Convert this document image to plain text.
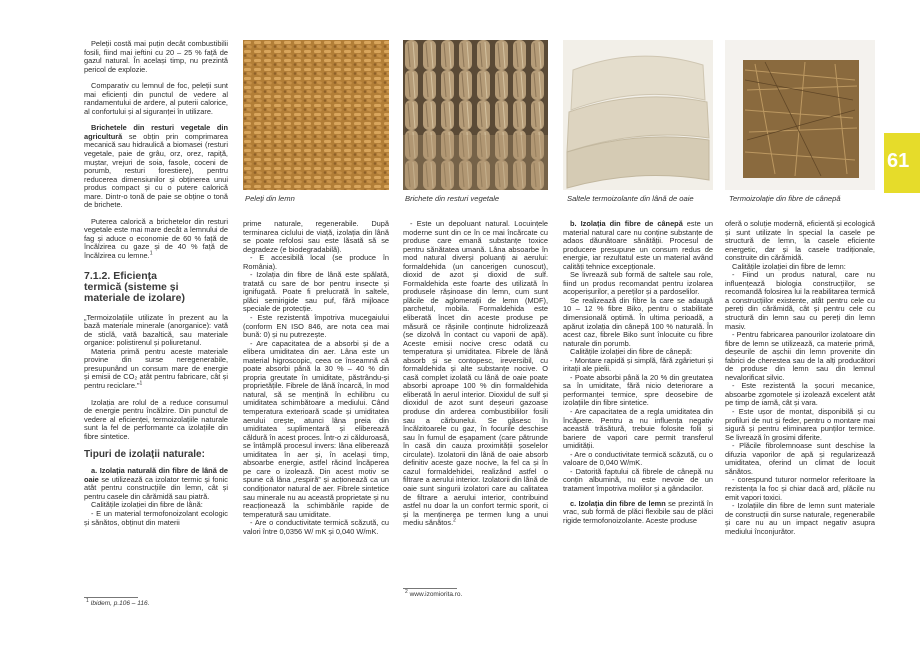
Peleți din lemn	Brichete din resturi vegetale	Saltele termoizolante din lână de oaie	Termoizolație din fibre de cânepă
61

Peleții costă mai puțin decât combustibilii fosili, fiind mai ieftini cu 20 – 25 % față de gazul natural. În același timp, nu prezintă pericol de explozie.

Comparativ cu lemnul de foc, peleții sunt mai eficienți din punctul de vedere al randamentului de ardere, al puterii calorice, al confortului și al siguranței în utilizare.

Brichetele din resturi vegetale din agricultură se obțin prin comprimarea mecanică sau hidraulică a biomasei (resturi vegetale, paie de grâu, orz, orez, rapiță, muștar, vrejuri de soia, fasole, coceni de porumb, resturi forestiere), pentru reducerea dimensiunilor și obținerea unui produs compact și cu o putere calorică mare. Dintr-o tonă de paie se obține o tonă de brichete.

Puterea calorică a brichetelor din resturi vegetale este mai mare decât a lemnului de fag și aduce o economie de 60 % față de încălzirea cu gaze și de 40 % față de încălzirea cu lemne.$^1$

7.1.2. Eficiența
termică (sisteme și
materiale de izolare)

„Termoizolațiile utilizate în prezent au la bază materiale minerale (anorganice): vată de sticlă, vată bazaltică, sau materiale organice: polistirenul și poliuretanul.

Materia primă pentru aceste materiale provine din surse neregenerabile, presupunând un consum mare de energie și emisii de CO₂ atât pentru fabricare, cât și pentru reciclare.”$^1$

Izolația are rolul de a reduce consumul de energie pentru încălzire. Din punctul de vedere al eficienței, termoizolațiile naturale sunt la fel de performante ca izolațiile din fibre sintetice.

Tipuri de izolații naturale:

a. Izolația naturală din fibre de lână de oaie se utilizează ca izolator termic și fonic atât pentru construcțiile din lemn, cât și pentru casele din cărămidă sau piatră.

Calitățile izolației din fibre de lână:

- E un material termofonoizolant ecologic și sănătos, obținut din materii

$^1$ Ibidem, p.106 – 116.

prime naturale, regenerabile. După terminarea ciclului de viață, izolația din lână se poate refolosi sau este lăsată să se degradeze (e biodegradabilă).

- E accesibilă local (se produce în România).

- Izolația din fibre de lână este spălată, tratată cu sare de bor pentru insecte și ignifugată. Poate fi prelucrată în saltele, plăci semirigide sau puf, fără mijloace speciale de protecție.

- Este rezistentă împotriva mucegaiului (conform EN ISO 846, are nota cea mai bună: 0) și nu putrezește.

- Are capacitatea de a absorbi și de a elibera umiditatea din aer. Lâna este un material higroscopic, ceea ce înseamnă că poate absorbi până la 30 % – 40 % din propria greutate în umiditate, păstrându-și proprietățile. Fibrele de lână încarcă, în mod natural, să se mențină în echilibru cu umiditatea schimbătoare a mediului. Când temperatura exterioară scade și umiditatea aerului crește, atunci lâna preia din umiditatea suplimentară și eliberează căldură în acest proces. Într-o zi călduroasă, se întâmplă procesul invers: lâna eliberează umiditatea în aer și, în același timp, absoarbe energie, astfel răcind încăperea pe care o izolează. Din acest motiv se spune că lâna „respiră” și acționează ca un condiționator natural de aer. Fibrele sintetice sau minerale nu au această proprietate și nu reacționează la schimbările rapide de temperatură sau umiditate.

- Are o conductivitate termică scăzută, cu valori între 0,0356 W/ mK și 0,040 W/mK.

- Este un depoluant natural. Locuințele moderne sunt din ce în ce mai încărcate cu produse care emană substanțe toxice pentru sănătatea umană. Lâna absoarbe în mod natural diverși poluanți ai aerului: formaldehida (un cancerigen cunoscut), dioxid de azot și dioxid de sulf. Formaldehida este foarte des utilizată în produsele rășinoase din lemn, cum sunt plăcile de aglomerații de lemn (MDF), parchetul, mobila. Formaldehida este eliberată încet din aceste produse pe măsură ce rășinile conținute hidrolizează (se dizolvă în contact cu vaporii de apă). Aceste emisii nocive cresc odată cu temperatura și umiditatea. Fibrele de lână absorb și se contopesc, ireversibil, cu formaldehida și alte substanțe nocive. O casă complet izolată cu lână de oaie poate absorbi aproape 100 % din formaldehida eliberată în aerul interior. Dioxidul de sulf și dioxidul de azot sunt deșeuri gazoase produse din arderea combustibililor fosili sau a cărbunelui. Se găsesc în încălzitoarele cu gaz, în focurile deschise sau în fumul de eșapament (care pătrunde în casă din cauza proximității șoselelor circulate). Izolatorii din lână de oaie absorb definitiv aceste gaze nocive, la fel ca și în cazul formaldehidei, realizând astfel o filtrare a aerului interior. Izolatorii din lână de oaie sunt singurii izolatori care au calitatea de filtrare a aerului interior, contribuind astfel nu doar la un confort termic sporit, ci și la menținerea pe termen lung a unui mediu sănătos.$^2$

$^2$ www.izomiorita.ro.

b. Izolația din fibre de cânepă este un material natural care nu conține substanțe de adaos dăunătoare sănătății. Procesul de producere presupune un consum redus de energie, iar rezultatul este un material având calități tehnice excepționale.

Se livrează sub formă de saltele sau role, fiind un produs recomandat pentru izolarea acoperișurilor, a pereților și a pardoselilor.

Se realizează din fibre la care se adaugă 10 – 12 % fibre Biko, pentru o stabilitate dimensională optimă. În ultima perioadă, a apărut izolația din cânepă 100 % naturală. În acest caz, fibrele Biko sunt înlocuite cu fibre naturale din porumb.

Calitățile izolației din fibre de cânepă:

- Montare rapidă și simplă, fără zgârieturi și iritații ale pielii.

- Poate absorbi până la 20 % din greutatea sa în umiditate, fără nicio deteriorare a performanței termice, spre deosebire de izolațiile din fibre sintetice.

- Are capacitatea de a regla umiditatea din încăpere. Pentru a nu influența negativ această trăsătură, trebuie folosite folii și bariere de vapori care permit transferul umidității.

- Are o conductivitate termică scăzută, cu o valoare de 0,040 W/mK.

- Datorită faptului că fibrele de cânepă nu conțin albumină, nu este nevoie de un tratament împotriva moliilor și a gândacilor.

c. Izolația din fibre de lemn se prezintă în vrac, sub formă de plăci flexibile sau de plăci rigide termofonoizolante. Aceste produse

oferă o soluție modernă, eficientă și ecologică și sunt utilizate în special la casele pe structură de lemn, la casele eficiente energetic, dar și la casele tradiționale, construite din cărămidă.

Calitățile izolației din fibre de lemn:

- Fiind un produs natural, care nu influențează biologia construcțiilor, se recomandă folosirea lui la reabilitarea termică a construcțiilor existente, atât pentru cele cu pereți din cărămidă, cât și pentru cele cu structură din lemn sau cu pereți din lemn masiv.

- Pentru fabricarea panourilor izolatoare din fibre de lemn se utilizează, ca materie primă, deșeurile de așchii din lemn provenite din fabrici de cherestea sau de la alți producători de produse din lemn sau din lemnul nevalorificat silvic.

- Este rezistentă la șocuri mecanice, absoarbe zgomotele și izolează excelent atât pe timp de iarnă, cât și vara.

- Este ușor de montat, disponibilă și cu profiluri de nut și feder, pentru o montare mai sigură și pentru eliminarea punților termice. Se livrează în grosimi diferite.

- Plăcile fibrolemnoase sunt deschise la difuzia vaporilor de apă și regularizează umiditatea, oferind un climat de locuit sănătos.

- corespund tuturor normelor referitoare la rezistența la foc și chiar dacă ard, plăcile nu emit vapori toxici.

- Izolațiile din fibre de lemn sunt materiale de construcții din surse naturale, regenerabile și care nu au un impact negativ asupra mediului înconjurător.
